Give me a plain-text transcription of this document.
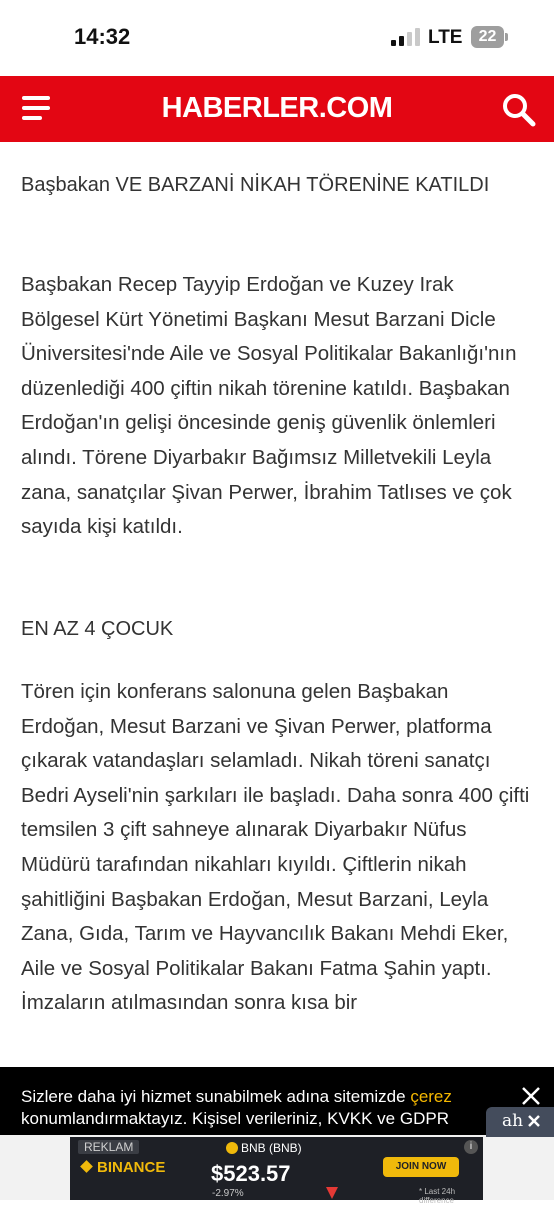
14:32	LTE	22
HABERLER.COM

Başbakan VE BARZANİ NİKAH TÖRENİNE KATILDI

Başbakan Recep Tayyip Erdoğan ve Kuzey Irak Bölgesel Kürt Yönetimi Başkanı Mesut Barzani Dicle Üniversitesi'nde Aile ve Sosyal Politikalar Bakanlığı'nın düzenlediği 400 çiftin nikah törenine katıldı. Başbakan Erdoğan'ın gelişi öncesinde geniş güvenlik önlemleri alındı. Törene Diyarbakır Bağımsız Milletvekili Leyla zana, sanatçılar Şivan Perwer, İbrahim Tatlıses ve çok sayıda kişi katıldı.

EN AZ 4 ÇOCUK

Tören için konferans salonuna gelen Başbakan Erdoğan, Mesut Barzani ve Şivan Perwer, platforma çıkarak vatandaşları selamladı. Nikah töreni sanatçı Bedri Ayseli'nin şarkıları ile başladı. Daha sonra 400 çifti temsilen 3 çift sahneye alınarak Diyarbakır Nüfus Müdürü tarafından nikahları kıyıldı. Çiftlerin nikah şahitliğini Başbakan Erdoğan, Mesut Barzani, Leyla Zana, Gıda, Tarım ve Hayvancılık Bakanı Mehdi Eker, Aile ve Sosyal Politikalar Bakanı Fatma Şahin yaptı. İmzaların atılmasından sonra kısa bir

Sizlere daha iyi hizmet sunabilmek adına sitemizde çerez konumlandırmaktayız. Kişisel verileriniz, KVKK ve GDPR	ah
REKLAM
BINANCE
BNB (BNB)
$523.57
-2.97%
JOIN NOW
* Last 24h difference
i
